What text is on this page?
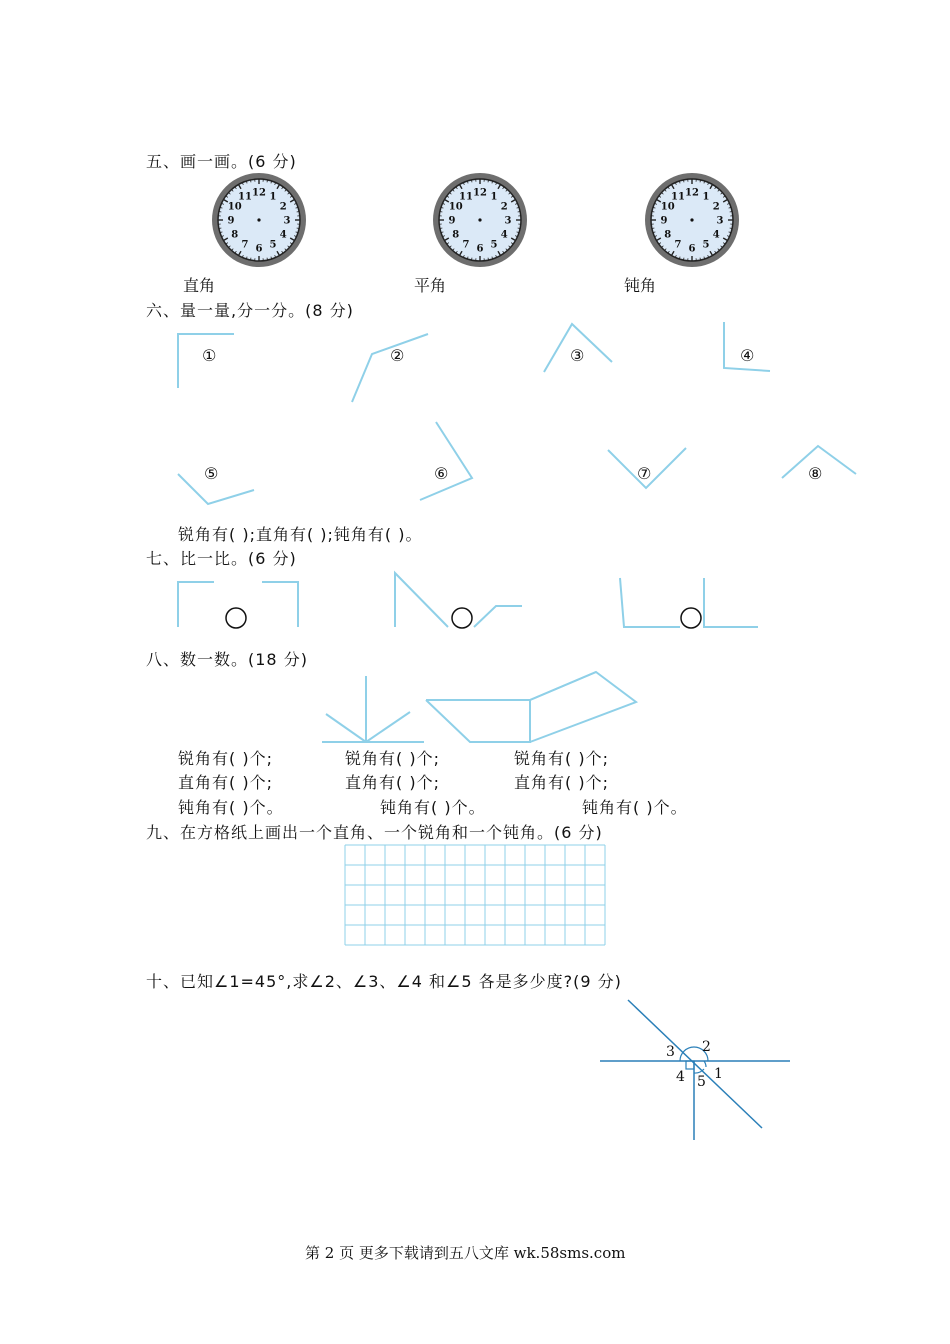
五、画一画。(6 分)
12 1
2
3
4
5
6
7
8
9
10
11	12 1
2
3
4
5
6
7
8
9
10
11	12 1
2
3
4
5
6
7
8
9
10
11
直角	平角	钝角
六、量一量,分一分。(8 分)
①	②	③	④
⑤	⑥	⑦	⑧
锐角有( );直角有( );钝角有( )。
七、比一比。(6 分)
八、数一数。(18 分)
锐角有( )个;	锐角有( )个;	锐角有( )个;
直角有( )个;	直角有( )个;	直角有( )个;
钝角有( )个。	钝角有( )个。	钝角有( )个。
九、在方格纸上画出一个直角、一个锐角和一个钝角。(6 分)
十、已知∠1=45°,求∠2、∠3、∠4 和∠5 各是多少度?(9 分)
3 2
4 5 1
第 2 页 更多下载请到五八文库 wk.58sms.com
